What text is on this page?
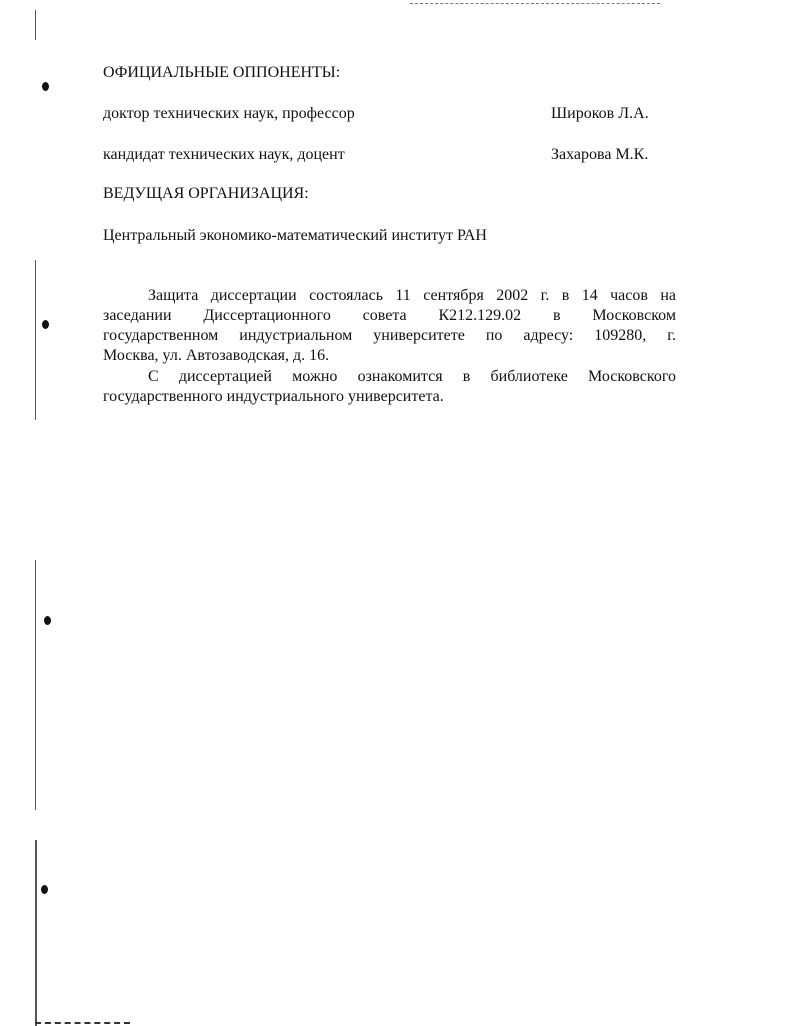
ОФИЦИАЛЬНЫЕ ОППОНЕНТЫ:
доктор технических наук, профессор	Широков Л.А.
кандидат технических наук, доцент	Захарова М.К.
ВЕДУЩАЯ ОРГАНИЗАЦИЯ:
Центральный экономико-математический институт РАН
Защита диссертации состоялась 11 сентября 2002 г. в 14 часов на
заседании Диссертационного совета К212.129.02 в Московском
государственном индустриальном университете по адресу: 109280, г.
Москва, ул. Автозаводская, д. 16.
С диссертацией можно ознакомится в библиотеке Московского
государственного индустриального университета.
